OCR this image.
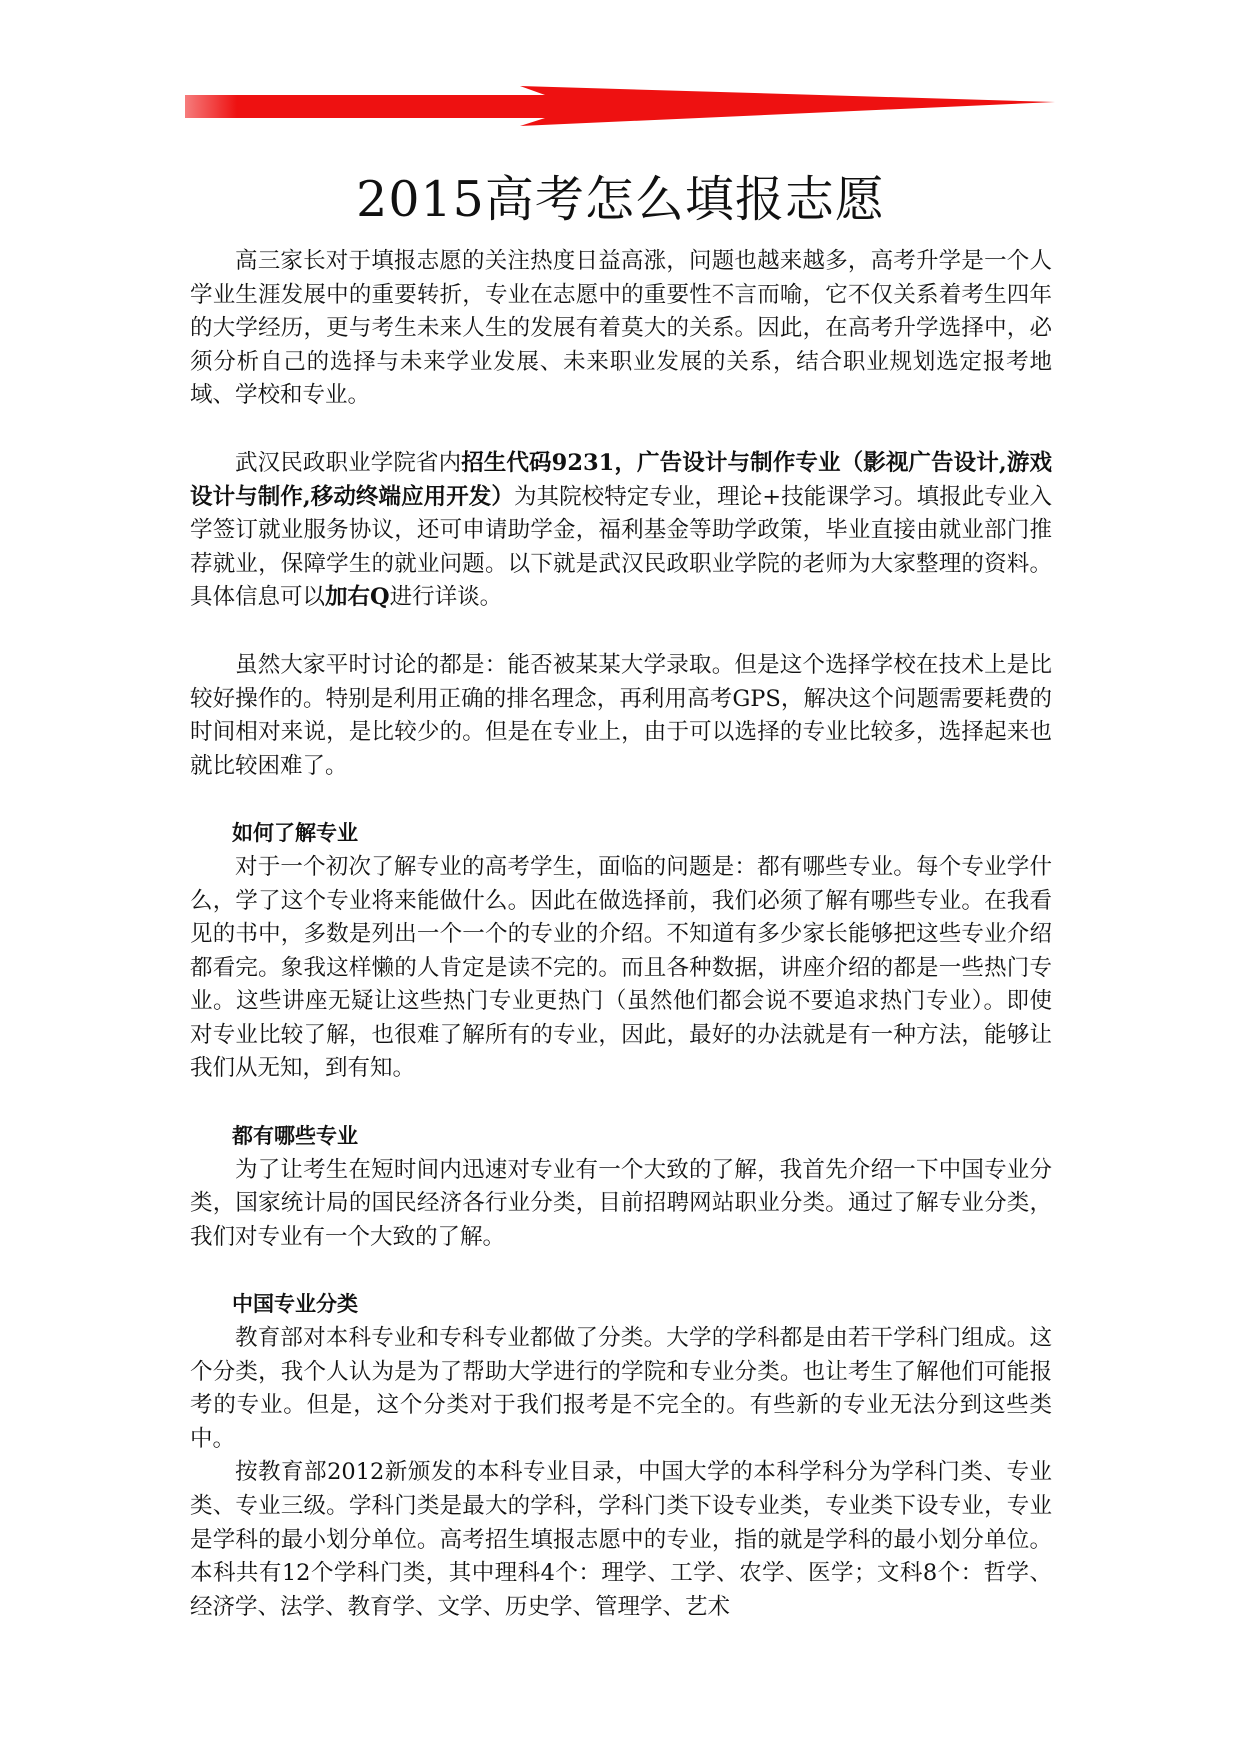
2015高考怎么填报志愿

高三家长对于填报志愿的关注热度日益高涨，问题也越来越多，高考升学是一个人学业生涯发展中的重要转折，专业在志愿中的重要性不言而喻，它不仅关系着考生四年的大学经历，更与考生未来人生的发展有着莫大的关系。因此，在高考升学选择中，必须分析自己的选择与未来学业发展、未来职业发展的关系，结合职业规划选定报考地域、学校和专业。

武汉民政职业学院省内招生代码9231，广告设计与制作专业（影视广告设计,游戏设计与制作,移动终端应用开发）为其院校特定专业，理论+技能课学习。填报此专业入学签订就业服务协议，还可申请助学金，福利基金等助学政策，毕业直接由就业部门推荐就业，保障学生的就业问题。以下就是武汉民政职业学院的老师为大家整理的资料。具体信息可以加右Q进行详谈。

虽然大家平时讨论的都是：能否被某某大学录取。但是这个选择学校在技术上是比较好操作的。特别是利用正确的排名理念，再利用高考GPS，解决这个问题需要耗费的时间相对来说，是比较少的。但是在专业上，由于可以选择的专业比较多，选择起来也就比较困难了。

如何了解专业

对于一个初次了解专业的高考学生，面临的问题是：都有哪些专业。每个专业学什么，学了这个专业将来能做什么。因此在做选择前，我们必须了解有哪些专业。在我看见的书中，多数是列出一个一个的专业的介绍。不知道有多少家长能够把这些专业介绍都看完。象我这样懒的人肯定是读不完的。而且各种数据，讲座介绍的都是一些热门专业。这些讲座无疑让这些热门专业更热门（虽然他们都会说不要追求热门专业）。即使对专业比较了解，也很难了解所有的专业，因此，最好的办法就是有一种方法，能够让我们从无知，到有知。

都有哪些专业

为了让考生在短时间内迅速对专业有一个大致的了解，我首先介绍一下中国专业分类，国家统计局的国民经济各行业分类，目前招聘网站职业分类。通过了解专业分类，我们对专业有一个大致的了解。

中国专业分类

教育部对本科专业和专科专业都做了分类。大学的学科都是由若干学科门组成。这个分类，我个人认为是为了帮助大学进行的学院和专业分类。也让考生了解他们可能报考的专业。但是，这个分类对于我们报考是不完全的。有些新的专业无法分到这些类中。

按教育部2012新颁发的本科专业目录，中国大学的本科学科分为学科门类、专业类、专业三级。学科门类是最大的学科，学科门类下设专业类，专业类下设专业，专业是学科的最小划分单位。高考招生填报志愿中的专业，指的就是学科的最小划分单位。本科共有12个学科门类，其中理科4个：理学、工学、农学、医学；文科8个：哲学、经济学、法学、教育学、文学、历史学、管理学、艺术
